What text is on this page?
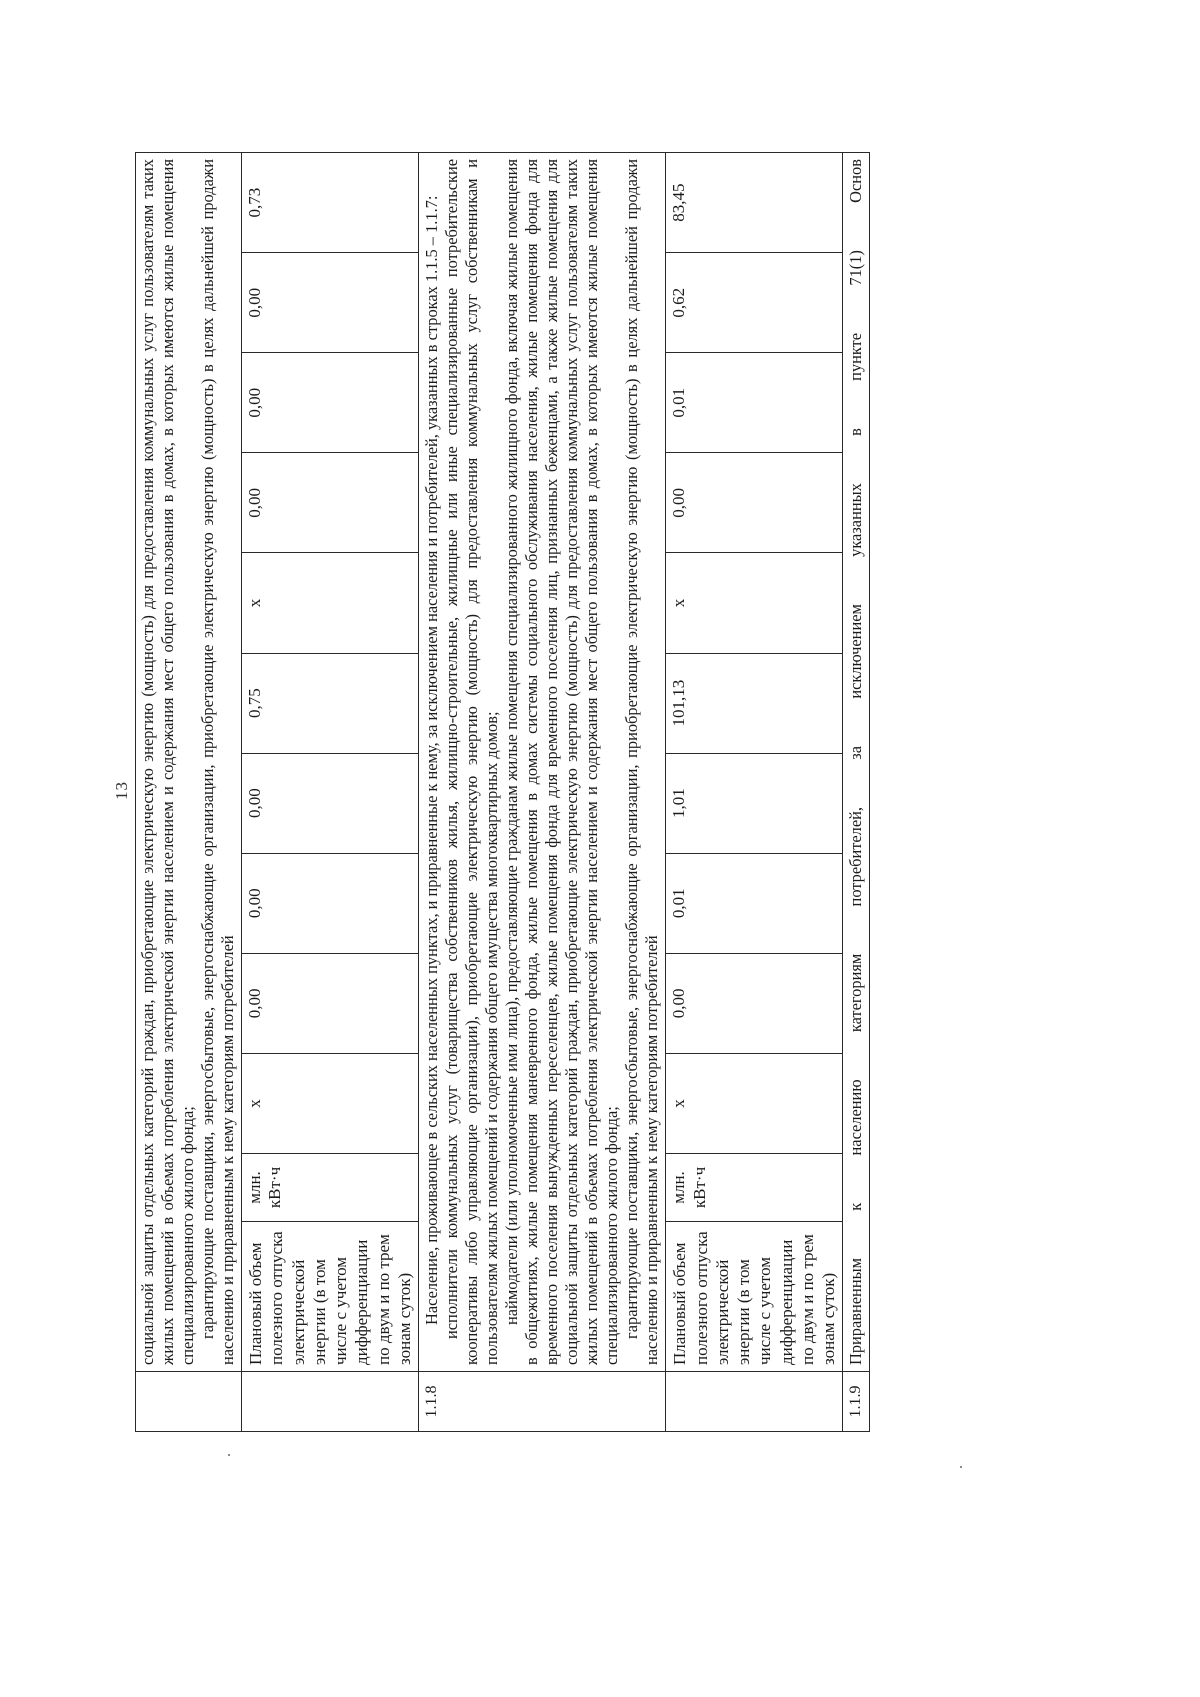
13

	социальной защиты отдельных категорий граждан, приобретающие электрическую энергию (мощность) для предоставления коммунальных услуг пользователям таких жилых помещений в объемах потребления электрической энергии населением и содержания мест общего пользования в домах, в которых имеются жилые помещения специализированного жилого фонда; гарантирующие поставщики, энергосбытовые, энергоснабжающие организации, приобретающие электрическую энергию (мощность) в целях дальнейшей продажи населению и приравненным к нему категориям потребителей											

	Плановый объем полезного отпуска электрической энергии (в том числе с учетом дифференциации по двум и по трем зонам суток)	млн. кВт·ч	x	0,00	0,00	0,00	0,75	x	0,00	0,00	0,00	0,73
1.1.8	Население, проживающее в сельских населенных пунктах, и приравненные к нему, за исключением населения и потребителей, указанных в строках 1.1.5 – 1.1.7: исполнители коммунальных услуг (товарищества собственников жилья, жилищно-строительные, жилищные или иные специализированные потребительские кооперативы либо управляющие организации), приобретающие электрическую энергию (мощность) для предоставления коммунальных услуг собственникам и пользователям жилых помещений и содержания общего имущества многоквартирных домов; наймодатели (или уполномоченные ими лица), предоставляющие гражданам жилые помещения специализированного жилищного фонда, включая жилые помещения в общежитиях, жилые помещения маневренного фонда, жилые помещения в домах системы социального обслуживания населения, жилые помещения фонда для временного поселения вынужденных переселенцев, жилые помещения фонда для временного поселения лиц, признанных беженцами, а также жилые помещения для социальной защиты отдельных категорий граждан, приобретающие электрическую энергию (мощность) для предоставления коммунальных услуг пользователям таких жилых помещений в объемах потребления электрической энергии населением и содержания мест общего пользования в домах, в которых имеются жилые помещения специализированного жилого фонда; гарантирующие поставщики, энергосбытовые, энергоснабжающие организации, приобретающие электрическую энергию (мощность) в целях дальнейшей продажи населению и приравненным к нему категориям потребителей											

	Плановый объем полезного отпуска электрической энергии (в том числе с учетом дифференциации по двум и по трем зонам суток)	млн. кВт·ч	x	0,00	0,01	1,01	101,13	x	0,00	0,01	0,62	83,45
1.1.9	Приравненным к населению категориям потребителей, за исключением указанных в пункте 71(1) Основ											
